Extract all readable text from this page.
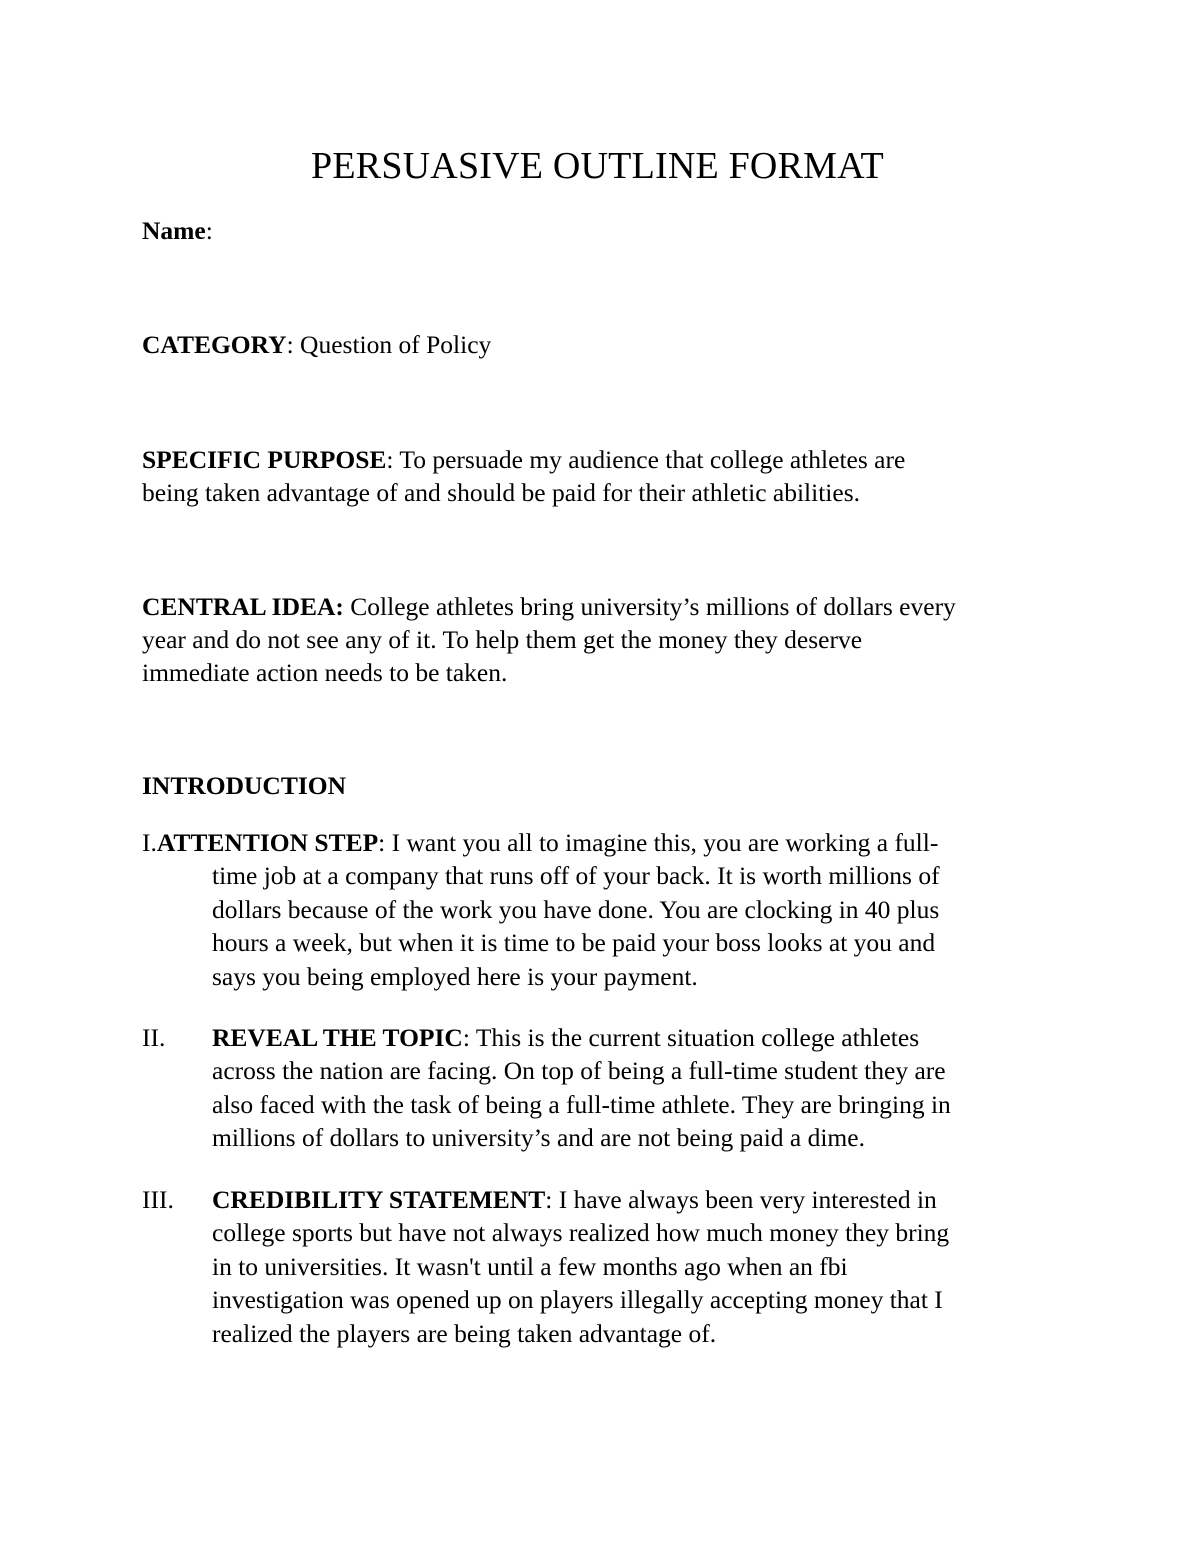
PERSUASIVE OUTLINE FORMAT
Name:
CATEGORY: Question of Policy
SPECIFIC PURPOSE: To persuade my audience that college athletes are
being taken advantage of and should be paid for their athletic abilities.
CENTRAL IDEA: College athletes bring university’s millions of dollars every
year and do not see any of it. To help them get the money they deserve
immediate action needs to be taken.
INTRODUCTION
I.ATTENTION STEP: I want you all to imagine this, you are working a full-
time job at a company that runs off of your back. It is worth millions of
dollars because of the work you have done. You are clocking in 40 plus
hours a week, but when it is time to be paid your boss looks at you and
says you being employed here is your payment.
II. REVEAL THE TOPIC: This is the current situation college athletes
across the nation are facing. On top of being a full-time student they are
also faced with the task of being a full-time athlete. They are bringing in
millions of dollars to university’s and are not being paid a dime.
III. CREDIBILITY STATEMENT: I have always been very interested in
college sports but have not always realized how much money they bring
in to universities. It wasn't until a few months ago when an fbi
investigation was opened up on players illegally accepting money that I
realized the players are being taken advantage of.
